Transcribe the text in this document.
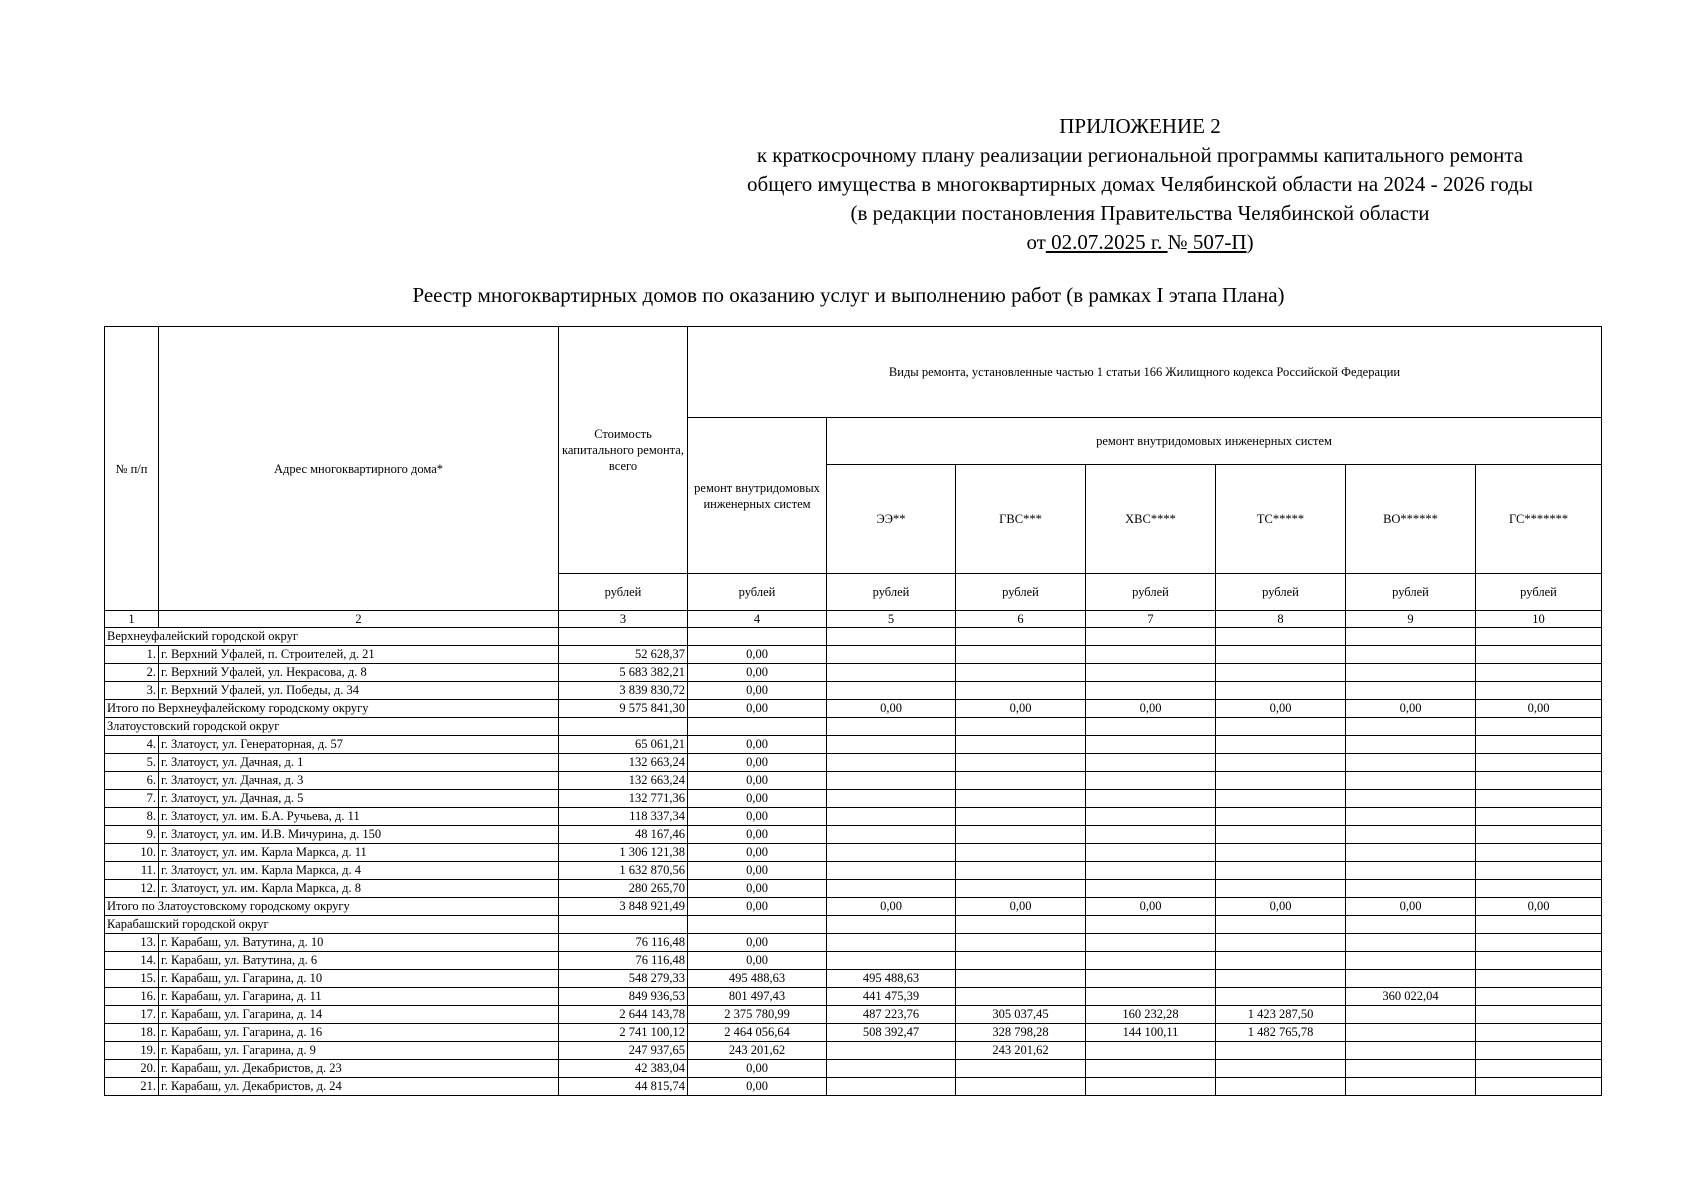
ПРИЛОЖЕНИЕ 2
к краткосрочному плану реализации региональной программы капитального ремонта
общего имущества в многоквартирных домах Челябинской области на 2024 - 2026 годы
(в редакции постановления Правительства Челябинской области
от 02.07.2025 г. № 507-П)
Реестр многоквартирных домов по оказанию услуг и выполнению работ (в рамках I этапа Плана)
№ п/п	Адрес многоквартирного дома*	Стоимость капитального ремонта, всего	Виды ремонта, установленные частью 1 статьи 166 Жилищного кодекса Российской Федерации						
			ремонт внутридомовых инженерных систем	ремонт внутридомовых инженерных систем					
				ЭЭ**	ГВС***	ХВС****	ТС*****	ВО******	ГС*******
		рублей	рублей	рублей	рублей	рублей	рублей	рублей	рублей
1	2	3	4	5	6	7	8	9	10
Верхнеуфалейский городской округ									
1.	г. Верхний Уфалей, п. Строителей, д. 21	52 628,37	0,00						
2.	г. Верхний Уфалей, ул. Некрасова, д. 8	5 683 382,21	0,00						
3.	г. Верхний Уфалей, ул. Победы, д. 34	3 839 830,72	0,00						
Итого по Верхнеуфалейскому городскому округу		9 575 841,30	0,00	0,00	0,00	0,00	0,00	0,00	0,00
Златоустовский городской округ									
4.	г. Златоуст, ул. Генераторная, д. 57	65 061,21	0,00						
5.	г. Златоуст, ул. Дачная, д. 1	132 663,24	0,00						
6.	г. Златоуст, ул. Дачная, д. 3	132 663,24	0,00						
7.	г. Златоуст, ул. Дачная, д. 5	132 771,36	0,00						
8.	г. Златоуст, ул. им. Б.А. Ручьева, д. 11	118 337,34	0,00						
9.	г. Златоуст, ул. им. И.В. Мичурина, д. 150	48 167,46	0,00						
10.	г. Златоуст, ул. им. Карла Маркса, д. 11	1 306 121,38	0,00						
11.	г. Златоуст, ул. им. Карла Маркса, д. 4	1 632 870,56	0,00						
12.	г. Златоуст, ул. им. Карла Маркса, д. 8	280 265,70	0,00						
Итого по Златоустовскому городскому округу		3 848 921,49	0,00	0,00	0,00	0,00	0,00	0,00	0,00
Карабашский городской округ									
13.	г. Карабаш, ул. Ватутина, д. 10	76 116,48	0,00						
14.	г. Карабаш, ул. Ватутина, д. 6	76 116,48	0,00						
15.	г. Карабаш, ул. Гагарина, д. 10	548 279,33	495 488,63	495 488,63					
16.	г. Карабаш, ул. Гагарина, д. 11	849 936,53	801 497,43	441 475,39				360 022,04	
17.	г. Карабаш, ул. Гагарина, д. 14	2 644 143,78	2 375 780,99	487 223,76	305 037,45	160 232,28	1 423 287,50		
18.	г. Карабаш, ул. Гагарина, д. 16	2 741 100,12	2 464 056,64	508 392,47	328 798,28	144 100,11	1 482 765,78		
19.	г. Карабаш, ул. Гагарина, д. 9	247 937,65	243 201,62		243 201,62				
20.	г. Карабаш, ул. Декабристов, д. 23	42 383,04	0,00						
21.	г. Карабаш, ул. Декабристов, д. 24	44 815,74	0,00						
